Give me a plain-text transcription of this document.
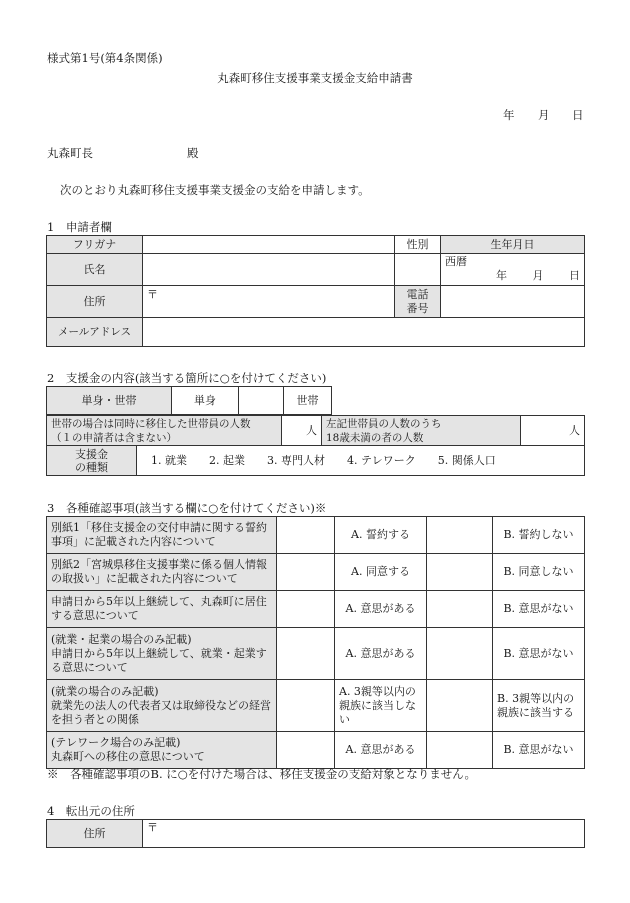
様式第1号(第4条関係)
丸森町移住支援事業支援金支給申請書
年 月 日
丸森町長	殿
次のとおり丸森町移住支援事業支援金の支給を申請します。
1　申請者欄
フリガナ		性別	生年月日
氏名			西暦
年 月 日

住所	〒	電話
番号	
メールアドレス			
2　支援金の内容(該当する箇所に○を付けてください)
単身・世帯	単身		世帯
世帯の場合は同時に移住した世帯員の人数
（１の申請者は含まない）		人	左記世帯員の人数のうち
18歳未満の者の人数	人
支援金
の種類	1. 就業　　2. 起業　　3. 専門人材　　4. テレワーク　　5. 関係人口			
3　各種確認事項(該当する欄に○を付けてください)※
別紙1「移住支援金の交付申請に関する誓約事項」に記載された内容について		A. 誓約する		B. 誓約しない
別紙2「宮城県移住支援事業に係る個人情報の取扱い」に記載された内容について		A. 同意する		B. 同意しない
申請日から5年以上継続して、丸森町に居住する意思について		A. 意思がある		B. 意思がない
(就業・起業の場合のみ記載)
申請日から5年以上継続して、就業・起業する意思について		A. 意思がある		B. 意思がない
(就業の場合のみ記載)
就業先の法人の代表者又は取締役などの経営を担う者との関係		A. 3親等以内の親族に該当しない		B. 3親等以内の親族に該当する
(テレワーク場合のみ記載)
丸森町への移住の意思について		A. 意思がある		B. 意思がない
※　各種確認事項のB. に○を付けた場合は、移住支援金の支給対象となりません。
4　転出元の住所
住所	〒
